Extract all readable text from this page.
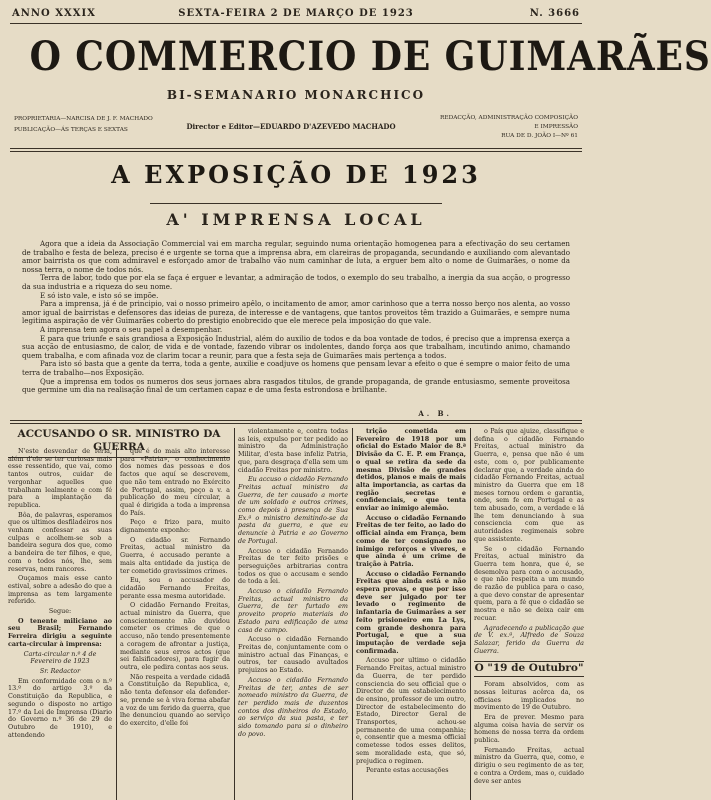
ANNO XXXIX	SEXTA-FEIRA 2 DE MARÇO DE 1923	N. 3666
O COMMERCIO DE GUIMARÃES
BI-SEMANARIO MONARCHICO
PROPRIETARIA—NARCISA DE J. F. MACHADO
PUBLICAÇÃO—ÁS TERÇAS E SEXTAS	Director e Editor—EDUARDO D'AZEVEDO MACHADO
REDACÇÃO, ADMINISTRAÇÃO COMPOSIÇÃO
E IMPRESSÃO
RUA DE D. JOÃO I—Nº 61
A EXPOSIÇÃO DE 1923
A' IMPRENSA LOCAL

Agora que a ideia da Associação Commercial vai em marcha regular, seguindo numa orientação homogenea para a efectivação do seu certamen de trabalho e festa de beleza, preciso é e urgente se torna que a imprensa abra, em clareiras de propaganda, secundando e auxiliando com alevantado amor bairrista os que com admiravel e esforçado amor de trabalho vão num caminhar de luta, a erguer bem alto o nome de Guimarães, o nome da nossa terra, o nome de todos nós.

Terra de labor, todo que por ela se faça é erguer e levantar, a admiração de todos, o exemplo do seu trabalho, a inergia da sua acção, o progresso da sua industria e a riqueza do seu nome.

E só isto vale, e isto só se impõe.

Para a imprensa, já é de principio, vai o nosso primeiro apêlo, o incitamento de amor, amor carinhoso que a terra nosso berço nos alenta, ao vosso amor igual de bairristas e defensores das ideias de pureza, de interesse e de vantagens, que tantos proveitos têm trazido a Guimarães, e sempre numa legitima aspiração de vêr Guimarães coberto do prestigio enobrecido que ele merece pela imposição do que vale.

A imprensa tem agora o seu papel a desempenhar.

E para que triunfe e sais grandiosa a Exposição Industrial, além do auxilio de todos e da boa vontade de todos, é preciso que a imprensa exerça a sua acção de entusiasmo, de calor, de vida e de vontade, fazendo vibrar os indolentes, dando força aos que trabalham, incutindo animo, chamando quem trabalha, e com afinada voz de clarim tocar a reunir, para que a festa seja de Guimarães mais pertença a todos.

Para isto só basta que a gente da terra, toda a gente, auxilie e coadjuve os homens que pensam levar a efeito o que é sempre o maior feito de uma terra de trabalho—nos Exposição.

Que a imprensa em todos os numeros dos seus jornaes abra rasgados titulos, de grande propaganda, de grande entusiasmo, semente proveitosa que germine um dia na realisação final de um certamen capaz e de uma festa estrondosa e brilhante.

A. B.
ACCUSANDO O SR. MINISTRO DA GUERRA

N'este desvendar de feria, além d'ele se ter curiosas mais esse ressentido, que vai, como tantos outros, cuidar de vergonhar aquelles que trabalham lealmente e com fé para a implantação da republica.

Bôa, de palavras, esperamos que os ultimos desfiladeiros nos venham confessar as suas culpas e acolhem-se sob a bandeira segura dos que, como a bandeira de ter filhos, e que, com o todos nós, lhe, sem reservas, nem rancores.

Ouçamos mais esse canto estival, sobre a adesão do que a imprensa as tem largamente referido.

Segue:

O tenente miliciano ao seu Brasil; Fernando Ferreira dirigiu a seguinte carta-circular à imprensa:

Carta-circular n.º 4 de Fevereiro de 1923

Sr. Redactor

Em conformidade com o n.º 13.º do artigo 3.º da Constituição da Republica, e segundo o disposto no artigo 17.º da Lei de Imprensa (Diario do Governo n.º 36 de 29 de Outubro de 1910), e attendendo

que é do mais alto interesse para «Patria», o conhecimento dos nomes das pessoas e dos factos que aquí se descrevem, que não tem entrado no Exército de Portugal, assim, peço a v. a publicação do meu circular, a qual é dirigida a toda a imprensa do País.

Peço e frizo para, muito dignamente exponho:

O cidadão sr. Fernando Freitas, actual ministro da Guerra, é accusado perante a mais alta entidade da justiça de ter cometido gravissimos crimes.

Eu, sou o accusador do cidadão Fernando Freitas, perante essa mesma autoridade.

O cidadão Fernando Freitas, actual ministro da Guerra, que conscientemente não duvidou cometer os crimes de que o accuso, não tendo presentemente a coragem de afrontar a justiça, mediante seus erros actos (que sei falsificadores), para fugir da outra, ele pedira contas aos seus.

Não respeita a verdade cidadã a Constituição da Republica, e, não tenta defensor ela defender-se, prende se à viva forma abafar a voz de um ferido da guerra, que lhe denunciou quando ao serviço do exercito, d'elle foi

violentamente e, contra todas as leis, expulso por ter pedido ao ministro da Administração Militar, d'esta base infeliz Patria, que, para desgraça d'ella sem um cidadão Freitas por ministro.

Eu accuso o cidadão Fernando Freitas actual ministro da Guerra, de ter causado a morte de um soldado e outros crimes, como depois à presença de Sua Ex.ª o ministro demitindo-se da pasta da guerra, e que eu denuncie à Patria e ao Governo de Portugal.

Accuso o cidadão Fernando Freitas de ter feito prisões e perseguições arbitrarias contra todos os que o accusam e sendo de toda a lei.

Accuso o cidadão Fernando Freitas, actual ministro da Guerra, de ter furtado em proveito proprio materiais do Estado para edificação de uma casa de campo.

Accuso o cidadão Fernando Freitas de, conjuntamente com o ministro actual das Finanças, e outros, ter causado avultados prejuizos ao Estado.

Accuso o cidadão Fernando Freitas de ter, antes de ser nomeado ministro da Guerra, de ter perdido mais de duzentos contos dos dinheiros do Estado, ao serviço da sua pasta, e ter sido tomando para si o dinheiro do povo.

trição cometida em Fevereiro de 1918 por um oficial do Estado Maior de 8.ª Divisão da C. E. P. em França, o qual se retira da sede da mesma Divisão de grandes detidos, planos e mais de mais alta importancia, as cartas da região secretas e confidenciais, e que tenta enviar ao inimigo alemão.

Accuso o cidadão Fernando Freitas de ter feito, ao lado do official ainda em França, bem como de ter consignado no inimigo reforços e viveres, e que ainda é um crime de traição à Patria.

Accuso o cidadão Fernando Freitas que ainda está e não espera provas, e que por isso deve ser julgado por ter levado o regimento de infantaria de Guimarães a ser feito prisioneiro em La Lys, com grande deshonra para Portugal, e que a sua imputação de verdade seja confirmada.

Accuso por ultimo o cidadão Fernando Freitas, actual ministro da Guerra, de ter perdido consciencia do seu official que o Director de um estabelecimento de ensino, professor de um outro, Director de estabelecimento do Estado, Director Geral de Transportes, achou-se permanente de uma companhia; e, consentir que a mesma official cometesse todos esses delitos, sem moralidade esta, que só, prejudica o regimen.

Perante estas accusações

o País que ajuize, classifique e defina o cidadão Fernando Freitas, actual ministro da Guerra, e, pensa que não é um este, com o, por publicamente declarar que, a verdade ainda do cidadão Fernando Freitas, actual ministro da Guerra que em 18 meses tornou ordem e garantia, onde, sem fe em Portugal e as tem abusado, com, a verdade e lá lhe tem denunciando à sua consciencia com que as autoridades regimenais sobre que assistente.

Se o cidadão Fernando Freitas, actual ministro da Guerra tem honra, que é, se desemolva para com o accusado, e que não respeita a um mundo de razão de publica para o caso, a que devo constar de apresentar quem, para a fé que o cidadão se mostra e não se deixa cair em recuar.

Agradecendo a publicação que de V. ex.ª, Alfredo de Souza Salazar, ferido da Guerra da Guerra.

O "19 de Outubro"

Foram absolvidos, com as nossas leituras acêrca da, os officiaes implicados no movimento de 19 de Outubro.

Era de prever. Mesmo para alguma coisa havia de servir os homens de nossa terra da ordem publica.

Fernando Freitas, actual ministro da Guerra, que, como, e dirigiu o seu regimento de as ter, e contra a Ordem, mas o, cuidado deve ser antes
